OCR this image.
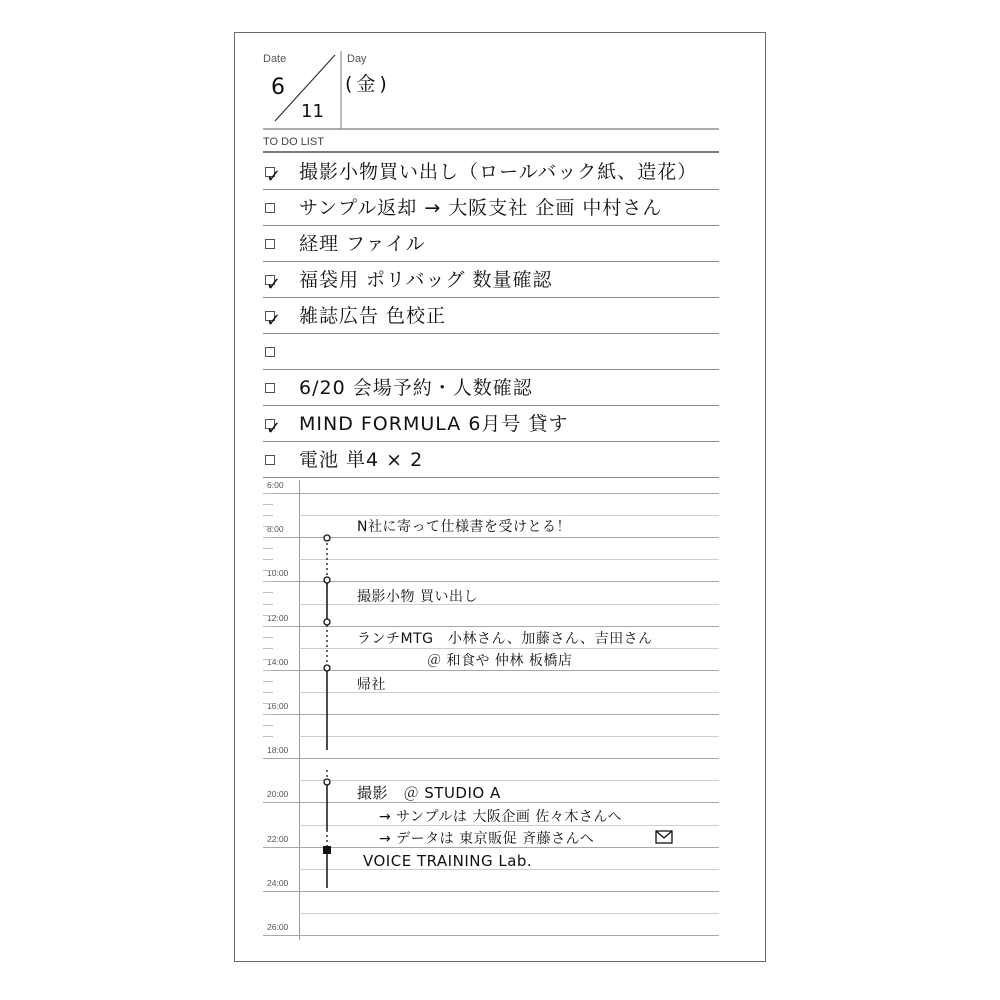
Date	Day
6
11
(金)
TO DO LIST
✓ 撮影小物買い出し（ロールバック紙、造花）
サンプル返却 → 大阪支社 企画 中村さん
経理 ファイル
✓ 福袋用 ポリバッグ 数量確認
✓ 雑誌広告 色校正
6/20 会場予約・人数確認
✓ MIND FORMULA 6月号 貸す
電池 単4 × 2
6:00
8:00
10:00
12:00
14:00
16:00
18:00
20:00
22:00
24:00
26:00
N社に寄って仕様書を受けとる！
撮影小物 買い出し
ランチMTG　小林さん、加藤さん、吉田さん
＠ 和食や 仲林 板橋店
帰社
撮影　＠ STUDIO A
→ サンプルは 大阪企画 佐々木さんへ
→ データは 東京販促 斉藤さんへ
VOICE TRAINING Lab.
